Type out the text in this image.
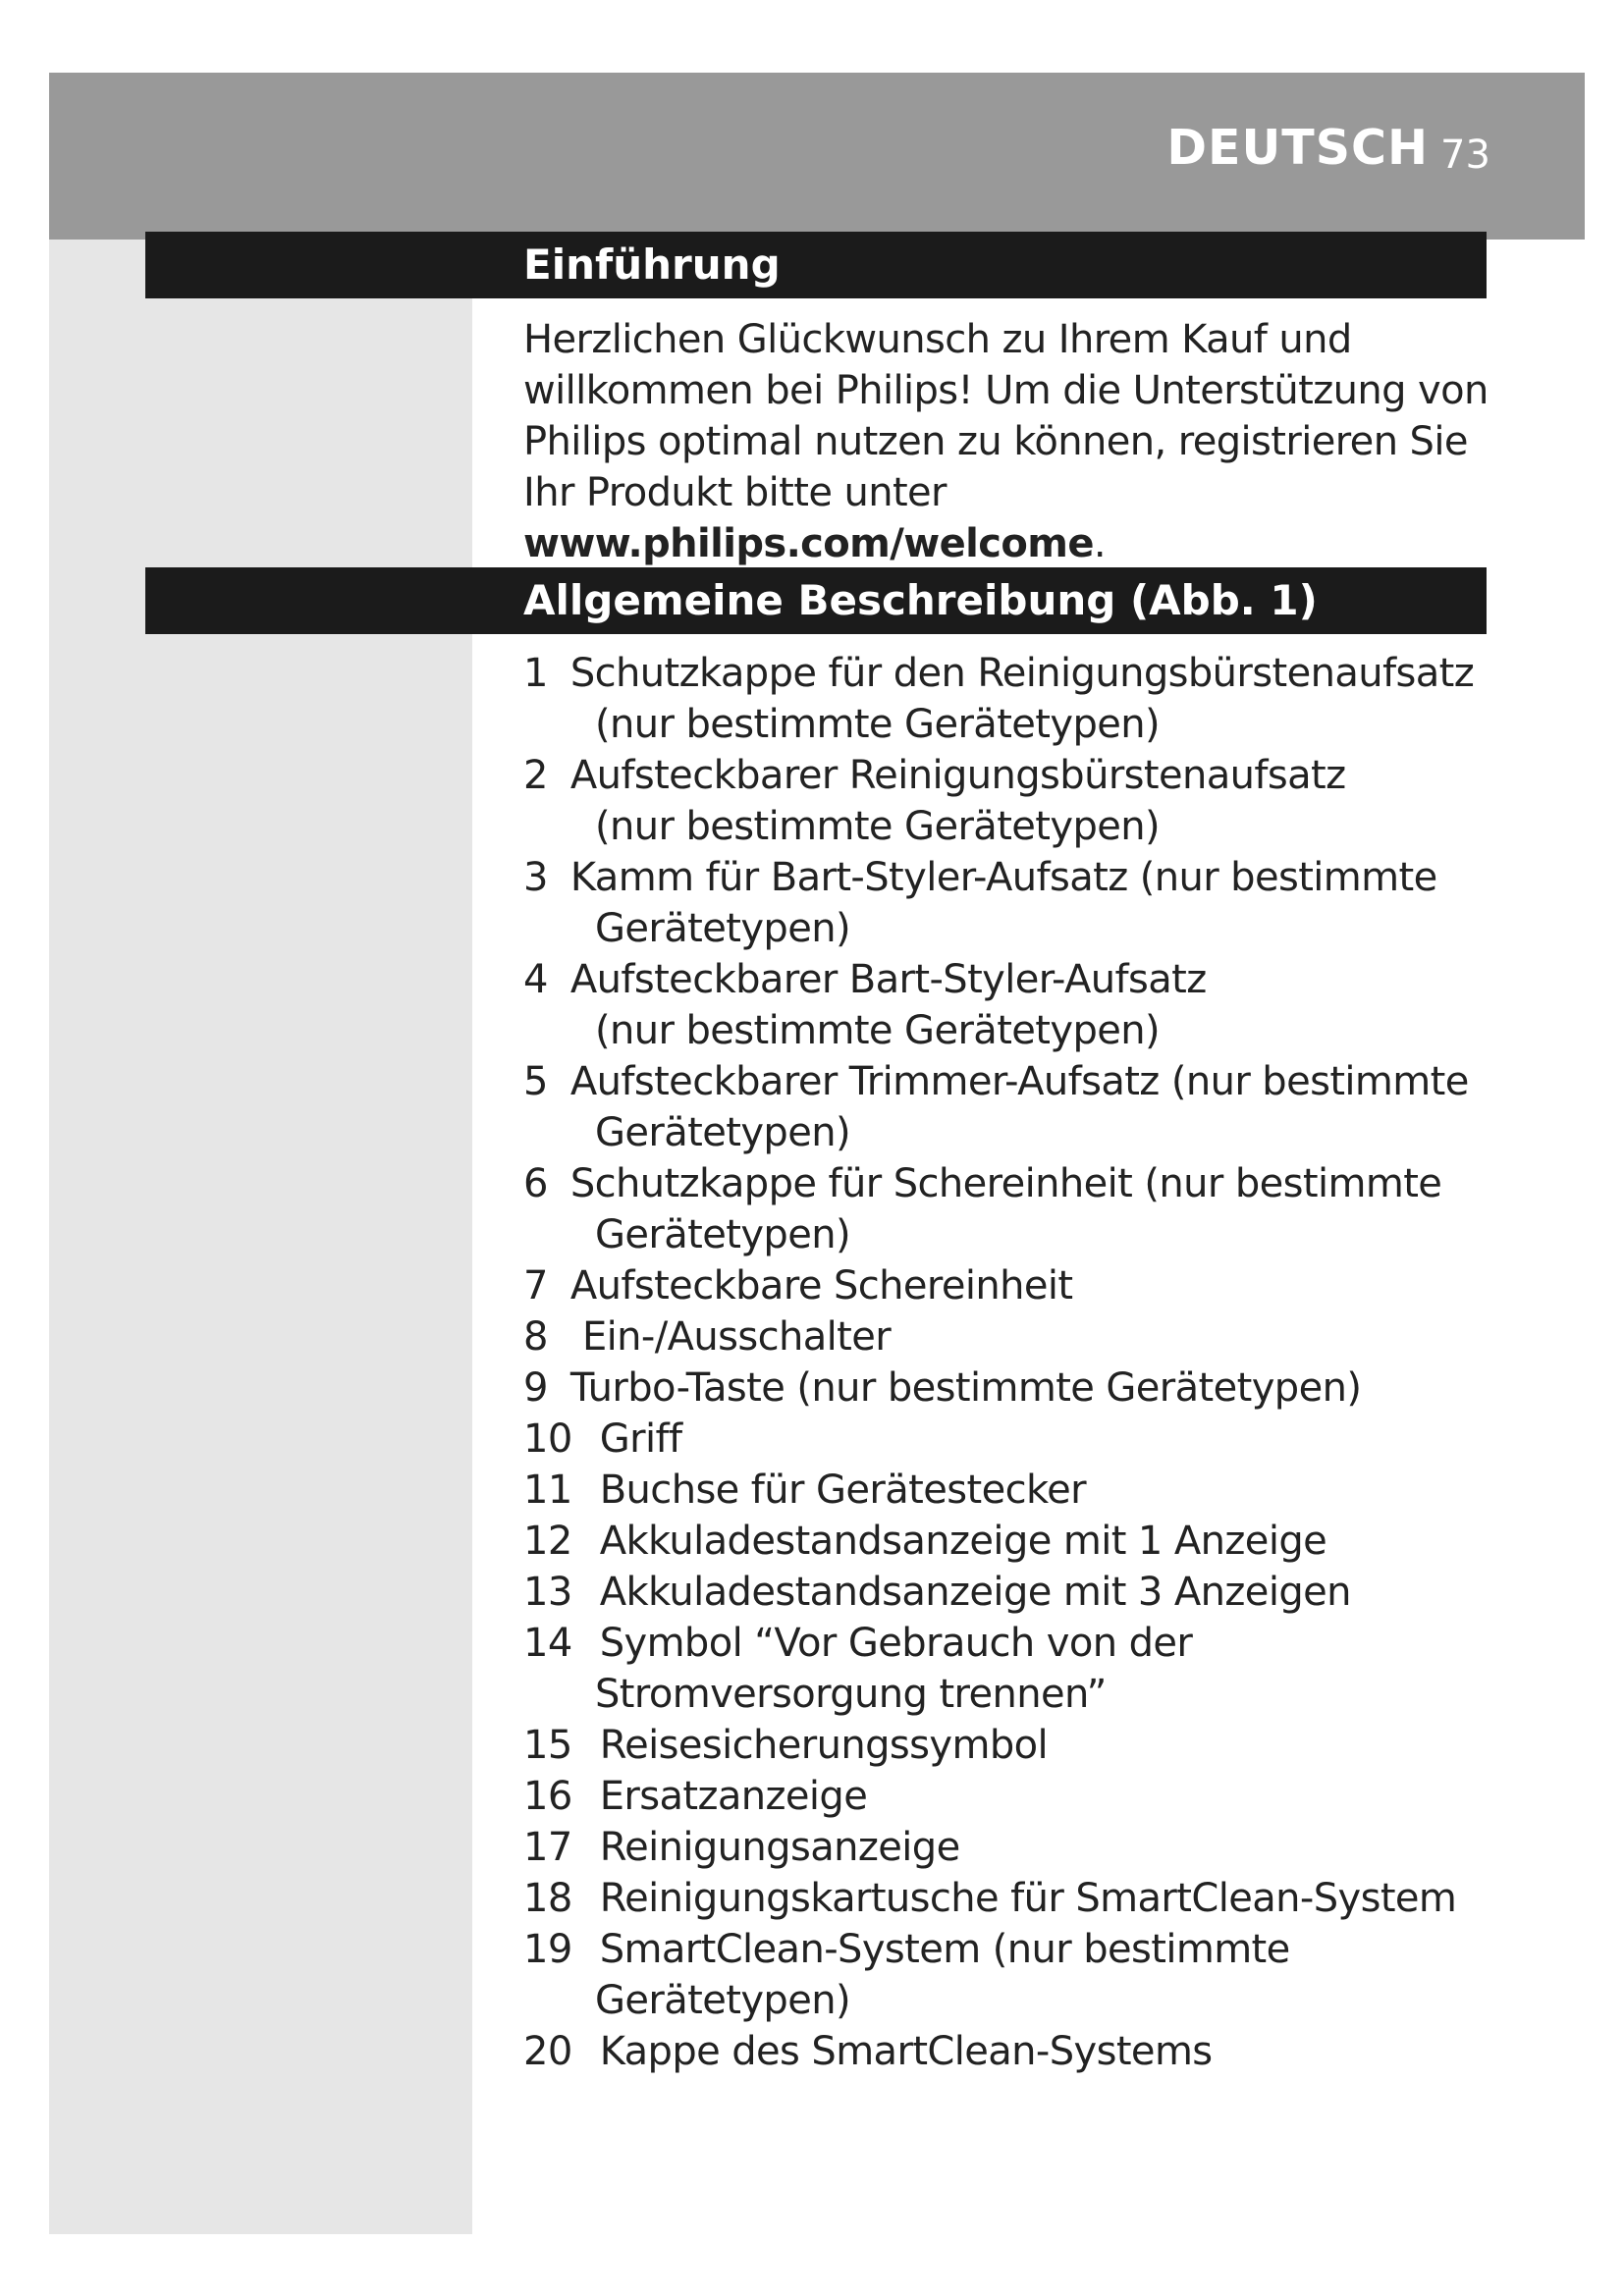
DEUTSCH 73
Einführung
Herzlichen Glückwunsch zu Ihrem Kauf und willkommen bei Philips! Um die Unterstützung von Philips optimal nutzen zu können, registrieren Sie Ihr Produkt bitte unter www.philips.com/welcome.
Allgemeine Beschreibung (Abb. 1)
1 Schutzkappe für den Reinigungsbürstenaufsatz
(nur bestimmte Gerätetypen)
2 Aufsteckbarer Reinigungsbürstenaufsatz
(nur bestimmte Gerätetypen)
3 Kamm für Bart-Styler-Aufsatz (nur bestimmte
Gerätetypen)
4 Aufsteckbarer Bart-Styler-Aufsatz
(nur bestimmte Gerätetypen)
5 Aufsteckbarer Trimmer-Aufsatz (nur bestimmte
Gerätetypen)
6 Schutzkappe für Schereinheit (nur bestimmte
Gerätetypen)
7 Aufsteckbare Schereinheit
8 Ein-/Ausschalter
9 Turbo-Taste (nur bestimmte Gerätetypen)
10 Griff
11 Buchse für Gerätestecker
12 Akkuladestandsanzeige mit 1 Anzeige
13 Akkuladestandsanzeige mit 3 Anzeigen
14 Symbol “Vor Gebrauch von der
Stromversorgung trennen”
15 Reisesicherungssymbol
16 Ersatzanzeige
17 Reinigungsanzeige
18 Reinigungskartusche für SmartClean-System
19 SmartClean-System (nur bestimmte
Gerätetypen)
20 Kappe des SmartClean-Systems
